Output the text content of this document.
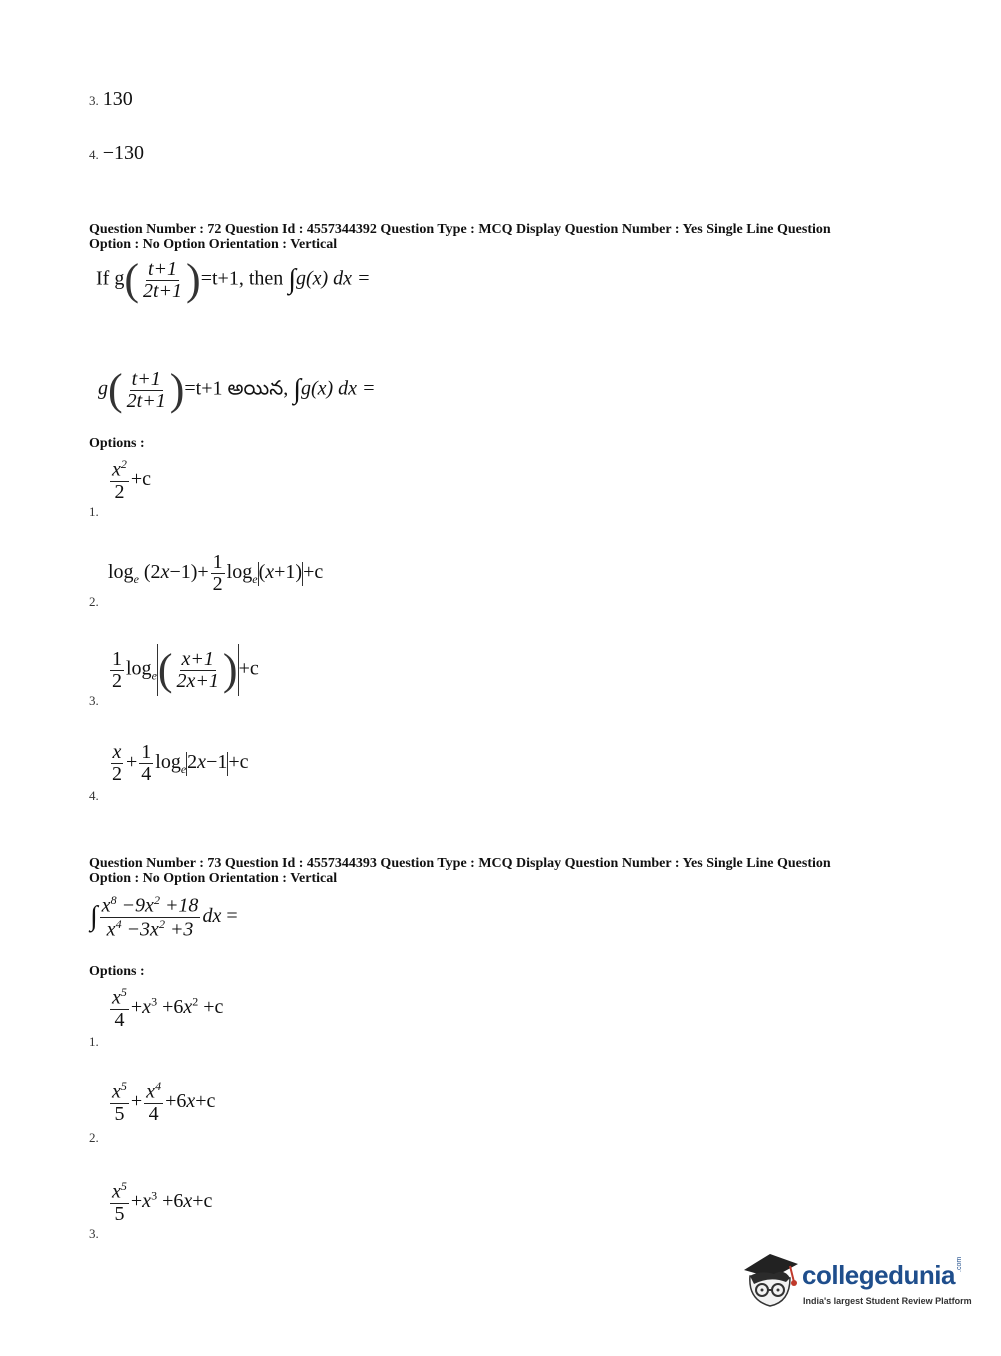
3. 130
4. −130
Question Number : 72 Question Id : 4557344392 Question Type : MCQ Display Question Number : Yes Single Line Question
Option : No Option Orientation : Vertical
If $g( \frac{t+1}{2t+1} )=t+1$, then ∫g(x) dx =
$g( \frac{t+1}{2t+1} )=t+1$ అయిన, ∫g(x) dx =
Options :
1.
$\frac{x^2}{2} +c$
2.
$\log_e (2x-1)+ \frac{1}{2} \log_e(x+1)+c$
3.
$\frac{1}{2} \log_e( \frac{x+1}{2x+1} )+c$
4.
$\frac{x}{2} + \frac{1}{4} \log_e2x-1+c$
Question Number : 73 Question Id : 4557344393 Question Type : MCQ Display Question Number : Yes Single Line Question
Option : No Option Orientation : Vertical
∫ $\frac{x^8 -9x^2 +18}{x^4 -3x^2 +3}$ dx =
Options :
1.
$\frac{x^5}{4} +x^3 +6x^2 +c$
2.
$\frac{x^5}{5} + \frac{x^4}{4} +6x+c$
3.
$\frac{x^5}{5} +x^3 +6x+c$
collegedunia .com
India's largest Student Review Platform
